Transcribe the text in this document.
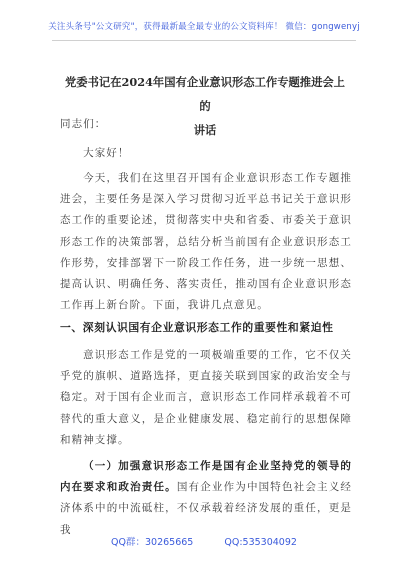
关注头条号"公文研究"，获得最新最全最专业的公文资料库！ 微信：gongwenyj
党委书记在2024年国有企业意识形态工作专题推进会上的
讲话
同志们：
大家好！
今天，我们在这里召开国有企业意识形态工作专题推进会，主要任务是深入学习贯彻习近平总书记关于意识形态工作的重要论述，贯彻落实中央和省委、市委关于意识形态工作的决策部署，总结分析当前国有企业意识形态工作形势，安排部署下一阶段工作任务，进一步统一思想、提高认识、明确任务、落实责任，推动国有企业意识形态工作再上新台阶。下面，我讲几点意见。
一、深刻认识国有企业意识形态工作的重要性和紧迫性
意识形态工作是党的一项极端重要的工作，它不仅关乎党的旗帜、道路选择，更直接关联到国家的政治安全与稳定。对于国有企业而言，意识形态工作同样承载着不可替代的重大意义，是企业健康发展、稳定前行的思想保障和精神支撑。
（一）加强意识形态工作是国有企业坚持党的领导的内在要求和政治责任。国有企业作为中国特色社会主义经济体系中的中流砥柱，不仅承载着经济发展的重任，更是我
QQ群：30265665	QQ:535304092
